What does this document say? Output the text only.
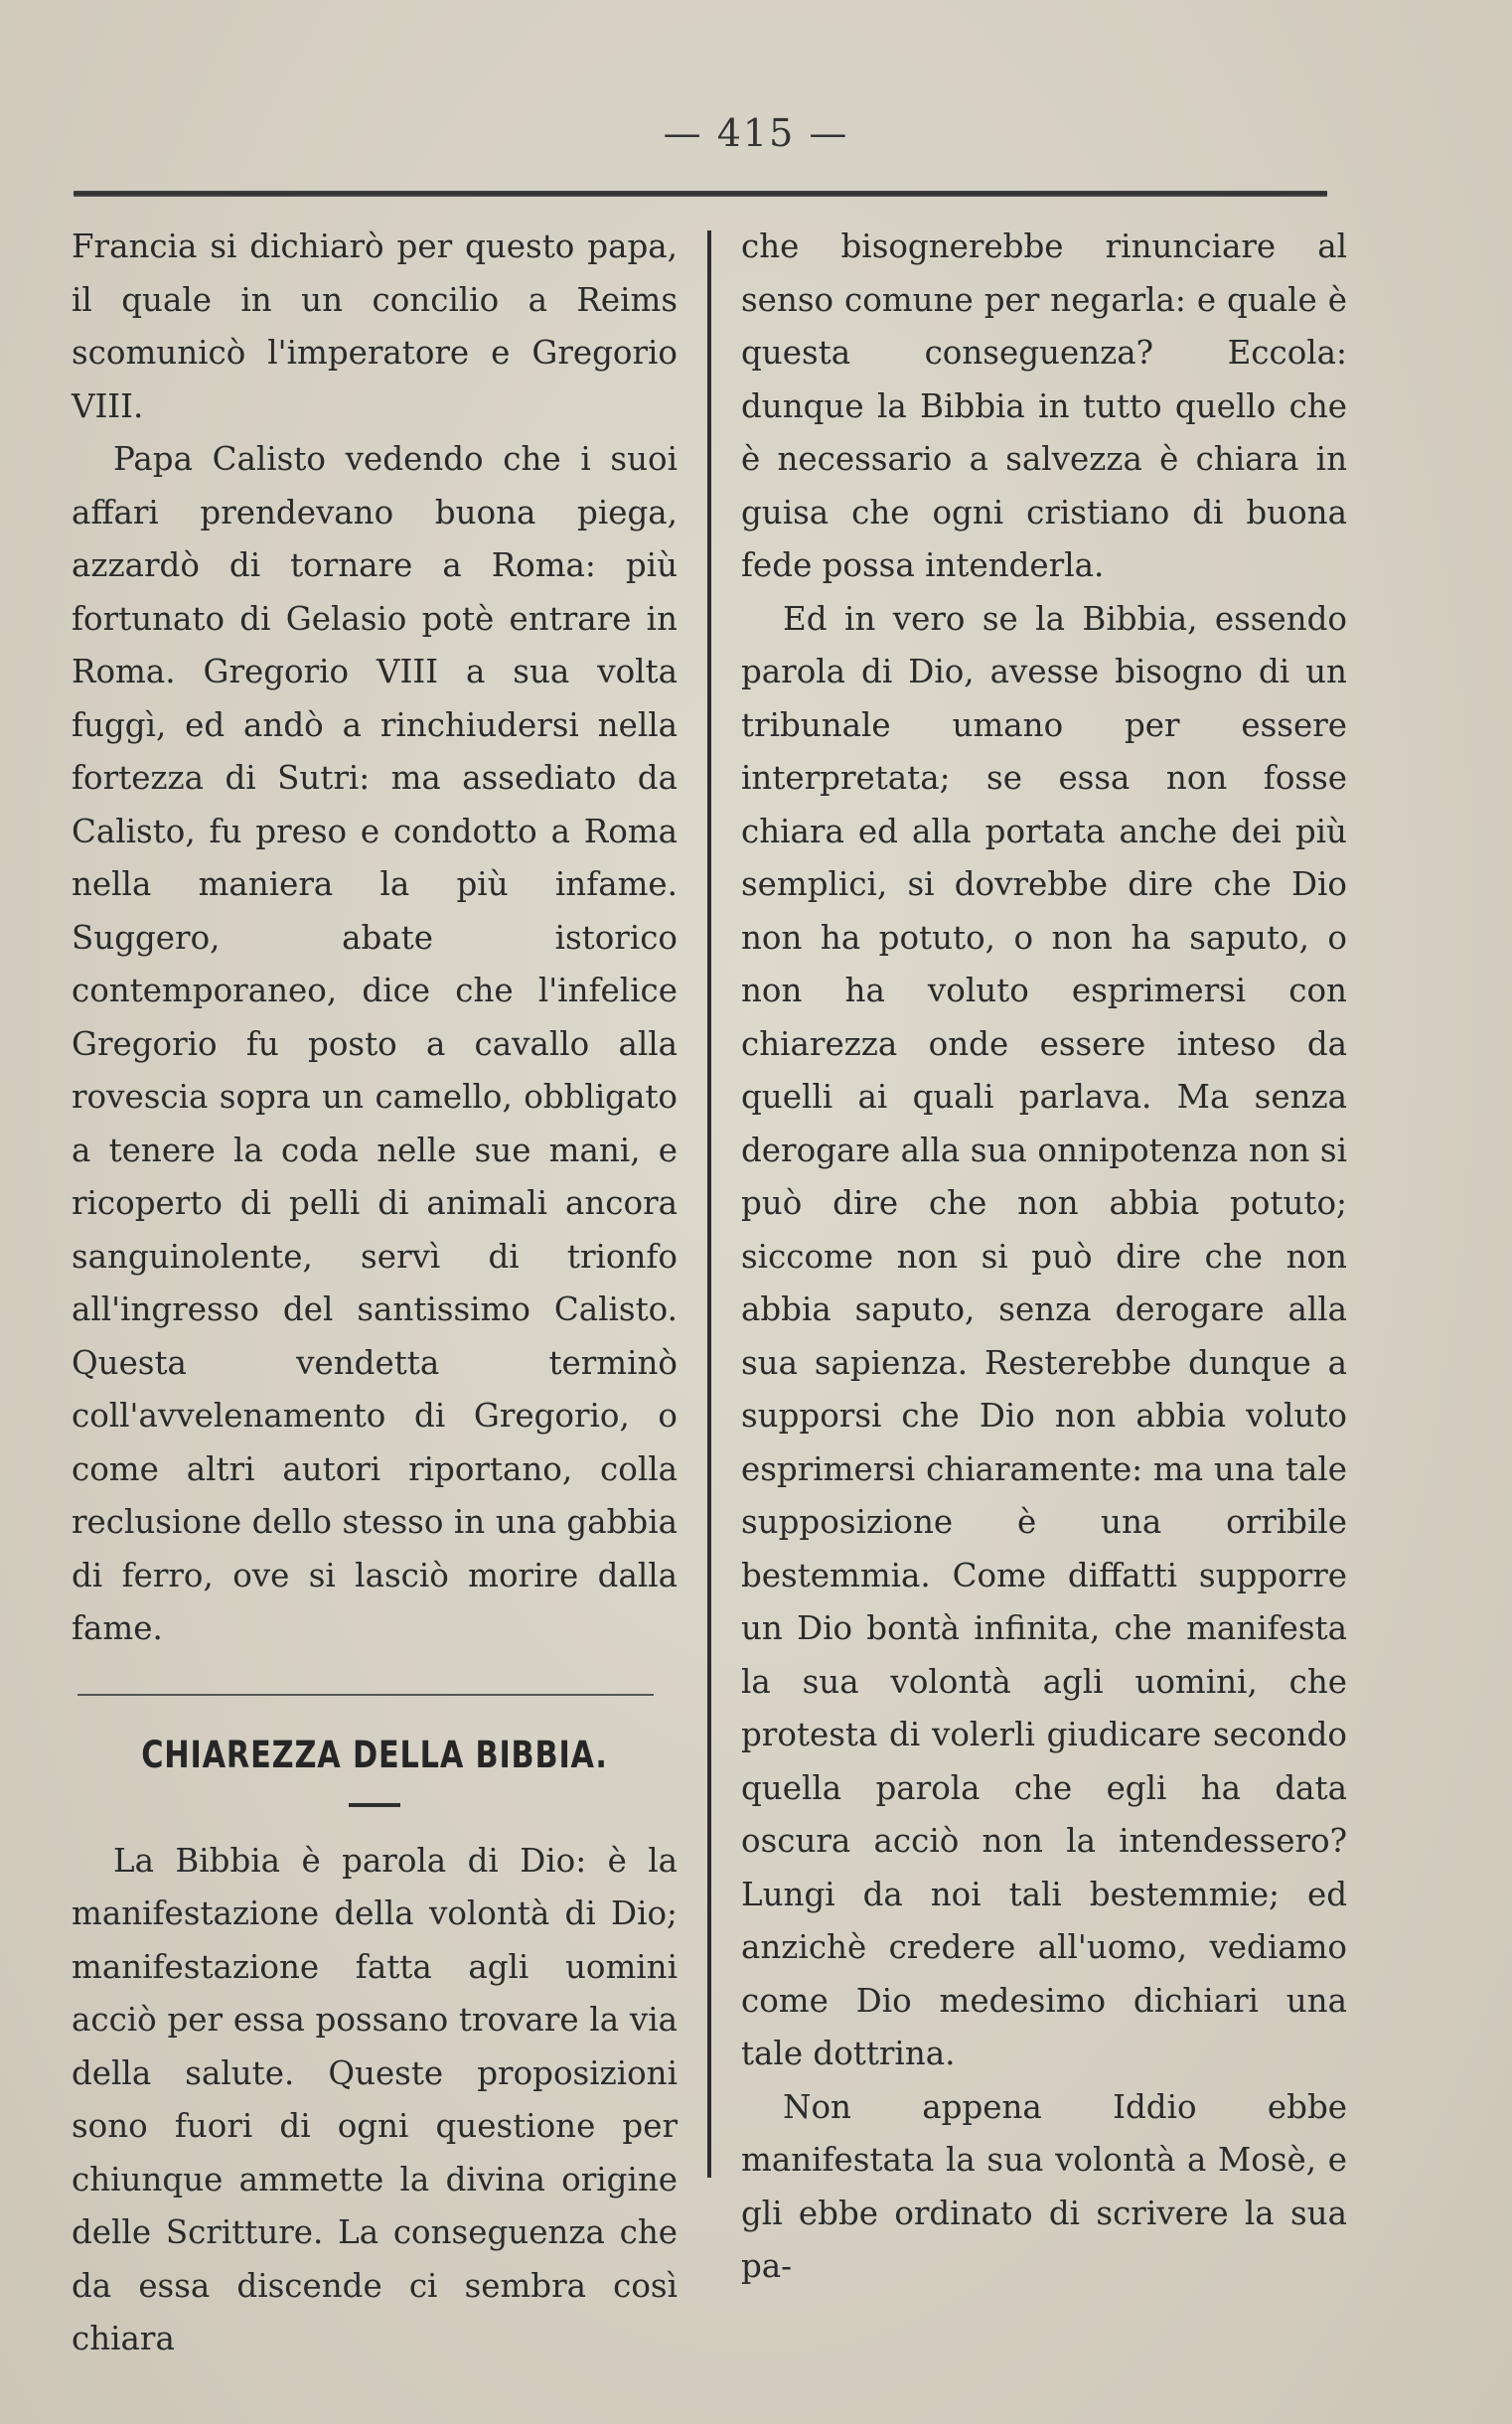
— 415 —

Francia si dichiarò per questo papa, il quale in un concilio a Reims scomunicò l'imperatore e Gregorio VIII.

Papa Calisto vedendo che i suoi affari prendevano buona piega, azzardò di tornare a Roma: più fortunato di Gelasio potè entrare in Roma. Gregorio VIII a sua volta fuggì, ed andò a rinchiudersi nella fortezza di Sutri: ma assediato da Calisto, fu preso e condotto a Roma nella maniera la più infame. Suggero, abate istorico contemporaneo, dice che l'infelice Gregorio fu posto a cavallo alla rovescia sopra un camello, obbligato a tenere la coda nelle sue mani, e ricoperto di pelli di animali ancora sanguinolente, servì di trionfo all'ingresso del santissimo Calisto. Questa vendetta terminò coll'avvelenamento di Gregorio, o come altri autori riportano, colla reclusione dello stesso in una gabbia di ferro, ove si lasciò morire dalla fame.

CHIAREZZA DELLA BIBBIA.

La Bibbia è parola di Dio: è la manifestazione della volontà di Dio; manifestazione fatta agli uomini acciò per essa possano trovare la via della salute. Queste proposizioni sono fuori di ogni questione per chiunque ammette la divina origine delle Scritture. La conseguenza che da essa discende ci sembra così chiara

che bisognerebbe rinunciare al senso comune per negarla: e quale è questa conseguenza? Eccola: dunque la Bibbia in tutto quello che è necessario a salvezza è chiara in guisa che ogni cristiano di buona fede possa intenderla.

Ed in vero se la Bibbia, essendo parola di Dio, avesse bisogno di un tribunale umano per essere interpretata; se essa non fosse chiara ed alla portata anche dei più semplici, si dovrebbe dire che Dio non ha potuto, o non ha saputo, o non ha voluto esprimersi con chiarezza onde essere inteso da quelli ai quali parlava. Ma senza derogare alla sua onnipotenza non si può dire che non abbia potuto; siccome non si può dire che non abbia saputo, senza derogare alla sua sapienza. Resterebbe dunque a supporsi che Dio non abbia voluto esprimersi chiaramente: ma una tale supposizione è una orribile bestemmia. Come diffatti supporre un Dio bontà infinita, che manifesta la sua volontà agli uomini, che protesta di volerli giudicare secondo quella parola che egli ha data oscura acciò non la intendessero? Lungi da noi tali bestemmie; ed anzichè credere all'uomo, vediamo come Dio medesimo dichiari una tale dottrina.

Non appena Iddio ebbe manifestata la sua volontà a Mosè, e gli ebbe ordinato di scrivere la sua pa-
